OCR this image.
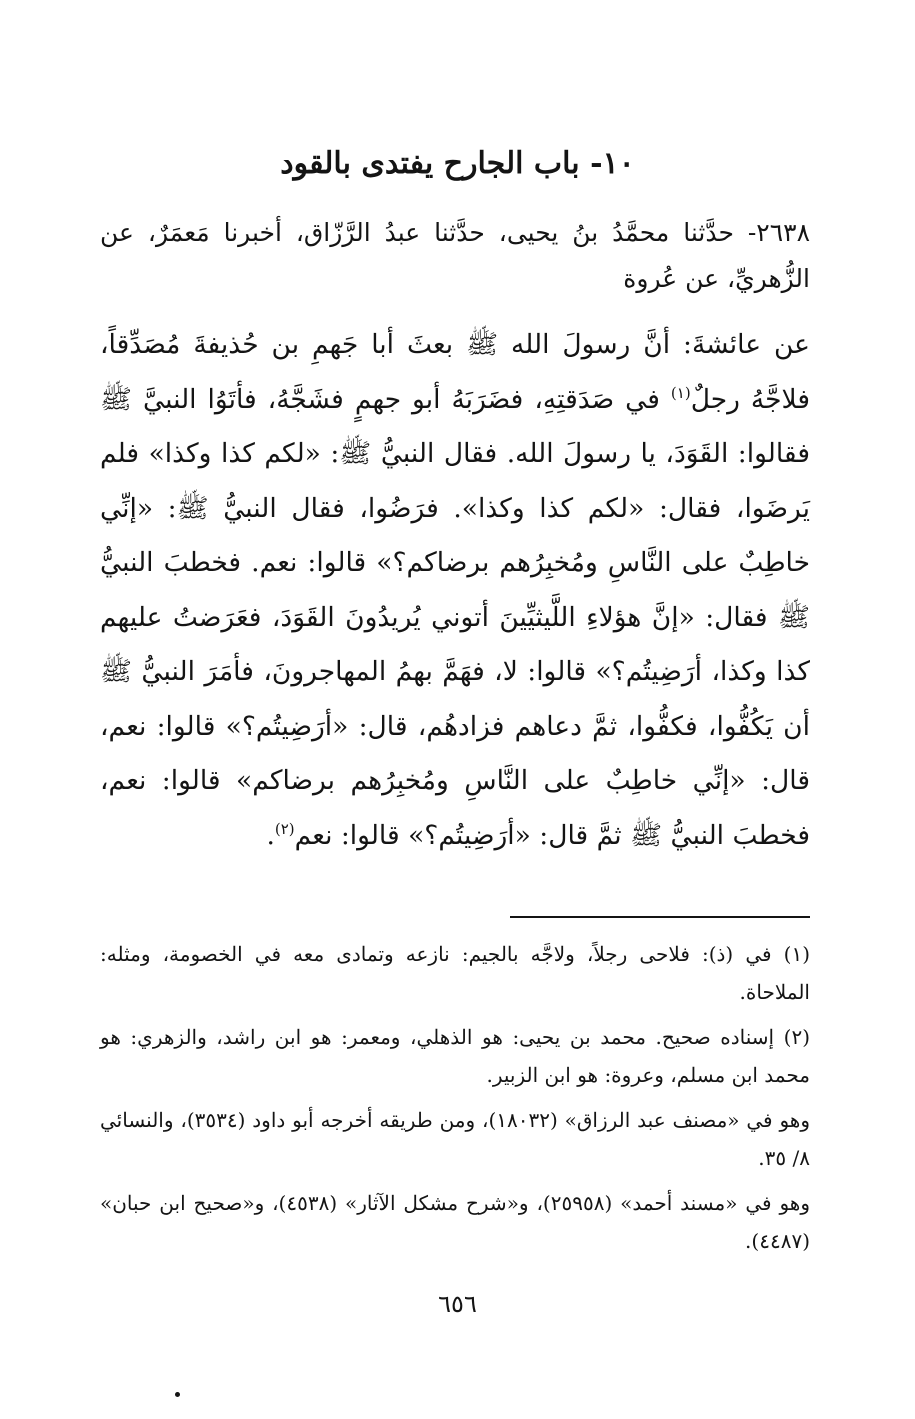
١٠- باب الجارح يفتدى بالقود

٢٦٣٨- حدَّثنا محمَّدُ بنُ يحيى، حدَّثنا عبدُ الرَّزّاق، أخبرنا مَعمَرٌ، عن الزُّهريِّ، عن عُروة

عن عائشةَ: أنَّ رسولَ الله ﷺ بعثَ أبا جَهمِ بن حُذيفةَ مُصَدِّقاً، فلاجَّهُ رجلٌ$^{(١)}$ في صَدَقتِهِ، فضَرَبَهُ أبو جهمٍ فشَجَّهُ، فأتَوُا النبيَّ ﷺ فقالوا: القَوَدَ، يا رسولَ الله. فقال النبيُّ ﷺ: «لكم كذا وكذا» فلم يَرضَوا، فقال: «لكم كذا وكذا». فرَضُوا، فقال النبيُّ ﷺ: «إنِّي خاطِبٌ على النَّاسِ ومُخبِرُهم برضاكم؟» قالوا: نعم. فخطبَ النبيُّ ﷺ فقال: «إنَّ هؤلاءِ اللَّيثيِّينَ أتوني يُريدُونَ القَوَدَ، فعَرَضتُ عليهم كذا وكذا، أرَضِيتُم؟» قالوا: لا، فهَمَّ بهمُ المهاجرونَ، فأمَرَ النبيُّ ﷺ أن يَكُفُّوا، فكفُّوا، ثمَّ دعاهم فزادهُم، قال: «أرَضِيتُم؟» قالوا: نعم، قال: «إنِّي خاطِبٌ على النَّاسِ ومُخبِرُهم برضاكم» قالوا: نعم، فخطبَ النبيُّ ﷺ ثمَّ قال: «أرَضِيتُم؟» قالوا: نعم$^{(٢)}$.

(١) في (ذ): فلاحى رجلاً، ولاجَّه بالجيم: نازعه وتمادى معه في الخصومة، ومثله: الملاحاة.
(٢) إسناده صحيح. محمد بن يحيى: هو الذهلي، ومعمر: هو ابن راشد، والزهري: هو محمد ابن مسلم، وعروة: هو ابن الزبير.
وهو في «مصنف عبد الرزاق» (١٨٠٣٢)، ومن طريقه أخرجه أبو داود (٣٥٣٤)، والنسائي ٨/ ٣٥.
وهو في «مسند أحمد» (٢٥٩٥٨)، و«شرح مشكل الآثار» (٤٥٣٨)، و«صحيح ابن حبان» (٤٤٨٧).
٦٥٦
